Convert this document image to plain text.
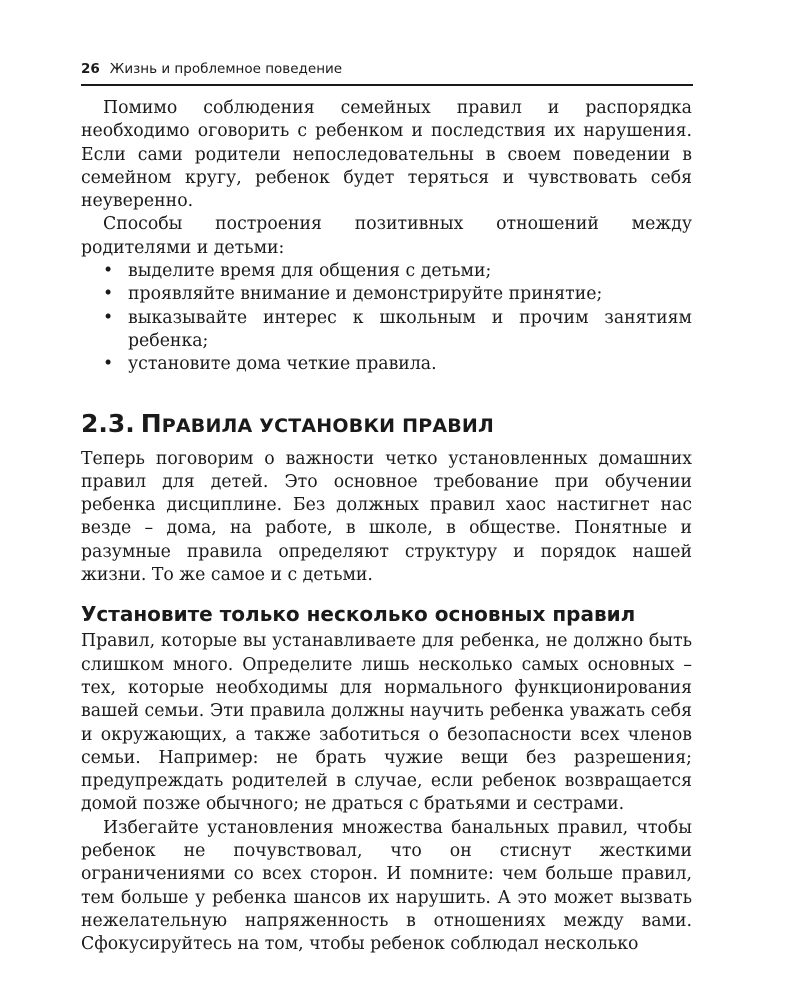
26 Жизнь и проблемное поведение

Помимо соблюдения семейных правил и распорядка необходимо оговорить с ребенком и последствия их нарушения. Если сами родители непоследовательны в своем поведении в семейном кругу, ребенок будет теряться и чувствовать себя неуверенно.

Способы построения позитивных отношений между родителями и детьми:

• выделите время для общения с детьми;
• проявляйте внимание и демонстрируйте принятие;
• выказывайте интерес к школьным и прочим занятиям ребенка;
• установите дома четкие правила.
2.3. ПРАВИЛА УСТАНОВКИ ПРАВИЛ

Теперь поговорим о важности четко установленных домашних правил для детей. Это основное требование при обучении ребенка дисциплине. Без должных правил хаос настигнет нас везде – дома, на работе, в школе, в обществе. Понятные и разумные правила определяют структуру и порядок нашей жизни. То же самое и с детьми.

Установите только несколько основных правил

Правил, которые вы устанавливаете для ребенка, не должно быть слишком много. Определите лишь несколько самых основных – тех, которые необходимы для нормального функционирования вашей семьи. Эти правила должны научить ребенка уважать себя и окружающих, а также заботиться о безопасности всех членов семьи. Например: не брать чужие вещи без разрешения; предупреждать родителей в случае, если ребенок возвращается домой позже обычного; не драться с братьями и сестрами.

Избегайте установления множества банальных правил, чтобы ребенок не почувствовал, что он стиснут жесткими ограничениями со всех сторон. И помните: чем больше правил, тем больше у ребенка шансов их нарушить. А это может вызвать нежелательную напряженность в отношениях между вами. Сфокусируйтесь на том, чтобы ребенок соблюдал несколько
